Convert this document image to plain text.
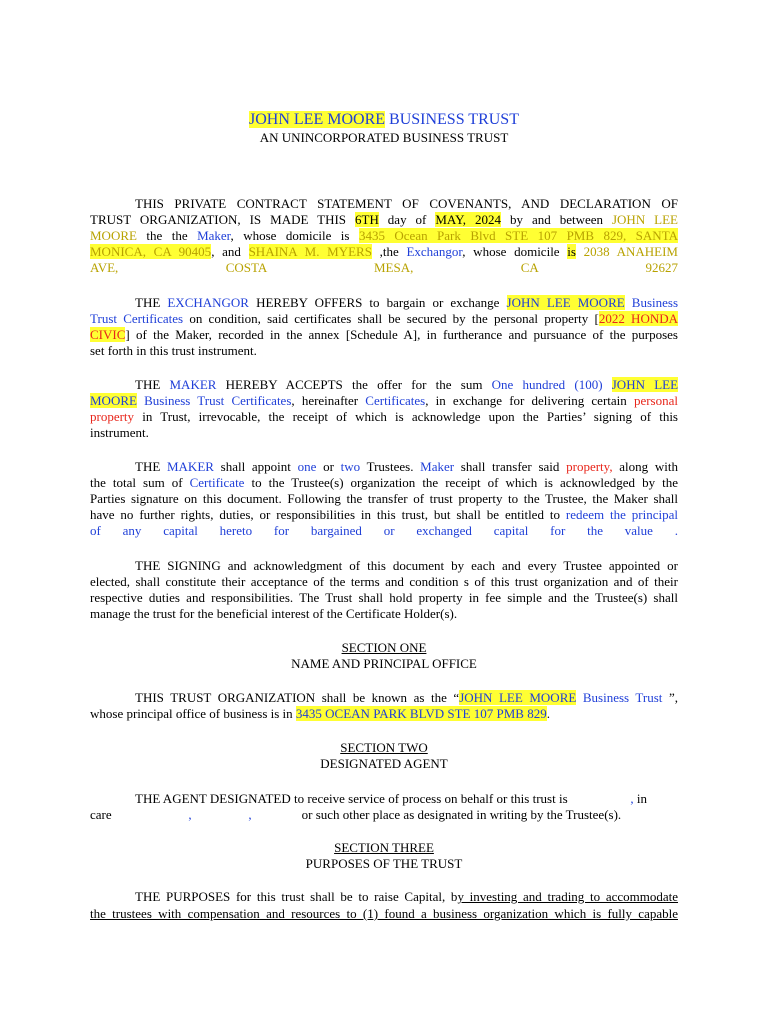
JOHN LEE MOORE BUSINESS TRUST
AN UNINCORPORATED BUSINESS TRUST
THIS PRIVATE CONTRACT STATEMENT OF COVENANTS, AND DECLARATION OF
TRUST ORGANIZATION, IS MADE THIS 6TH day of MAY, 2024 by and between JOHN LEE
MOORE the the Maker, whose domicile is 3435 Ocean Park Blvd STE 107 PMB 829, SANTA
MONICA, CA 90405, and SHAINA M. MYERS ,the Exchangor, whose domicile is 2038 ANAHEIM
AVE,	COSTA	MESA,	CA	92627
THE EXCHANGOR HEREBY OFFERS to bargain or exchange JOHN LEE MOORE Business
Trust Certificates on condition, said certificates shall be secured by the personal property [2022 HONDA
CIVIC] of the Maker, recorded in the annex [Schedule A], in furtherance and pursuance of the purposes
set forth in this trust instrument.
THE MAKER HEREBY ACCEPTS the offer for the sum One hundred (100) JOHN LEE
MOORE Business Trust Certificates, hereinafter Certificates, in exchange for delivering certain personal
property in Trust, irrevocable, the receipt of which is acknowledge upon the Parties’ signing of this
instrument.
THE MAKER shall appoint one or two Trustees. Maker shall transfer said property, along with
the total sum of Certificate to the Trustee(s) organization the receipt of which is acknowledged by the
Parties signature on this document. Following the transfer of trust property to the Trustee, the Maker shall
have no further rights, duties, or responsibilities in this trust, but shall be entitled to redeem the principal
of any capital hereto for bargained or exchanged capital for the value .
THE SIGNING and acknowledgment of this document by each and every Trustee appointed or
elected, shall constitute their acceptance of the terms and condition s of this trust organization and of their
respective duties and responsibilities. The Trust shall hold property in fee simple and the Trustee(s) shall
manage the trust for the beneficial interest of the Certificate Holder(s).
SECTION ONE
NAME AND PRINCIPAL OFFICE
THIS TRUST ORGANIZATION shall be known as the “JOHN LEE MOORE Business Trust ”,
whose principal office of business is in 3435 OCEAN PARK BLVD STE 107 PMB 829.
SECTION TWO
DESIGNATED AGENT
THE AGENT DESIGNATED to receive service of process on behalf or this trust is	, in
care	,	,	or such other place as designated in writing by the Trustee(s).
SECTION THREE
PURPOSES OF THE TRUST
THE PURPOSES for this trust shall be to raise Capital, by investing and trading to accommodate
the trustees with compensation and resources to (1) found a business organization which is fully capable
